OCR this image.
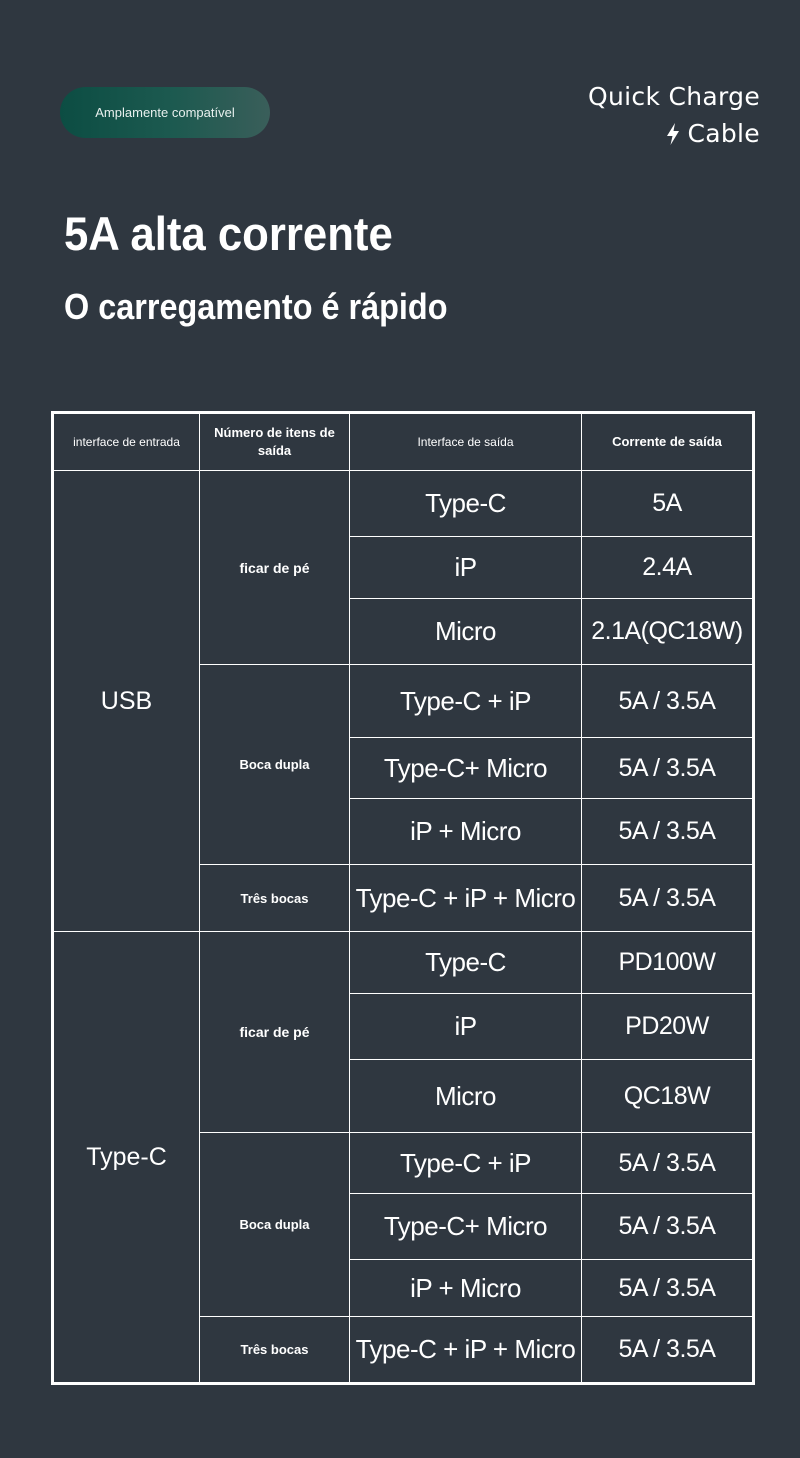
Amplamente compatível
Quick Charge
Cable
5A alta corrente
O carregamento é rápido
interface de entrada	Número de itens de saída	Interface de saída	Corrente de saída
USB	ficar de pé	Type-C	5A
		iP	2.4A
		Micro	2.1A(QC18W)
	Boca dupla	Type-C + iP	5A / 3.5A
		Type-C+ Micro	5A / 3.5A
		iP + Micro	5A / 3.5A
	Três bocas	Type-C + iP + Micro	5A / 3.5A
Type-C	ficar de pé	Type-C	PD100W
		iP	PD20W
		Micro	QC18W
	Boca dupla	Type-C + iP	5A / 3.5A
		Type-C+ Micro	5A / 3.5A
		iP + Micro	5A / 3.5A
	Três bocas	Type-C + iP + Micro	5A / 3.5A
